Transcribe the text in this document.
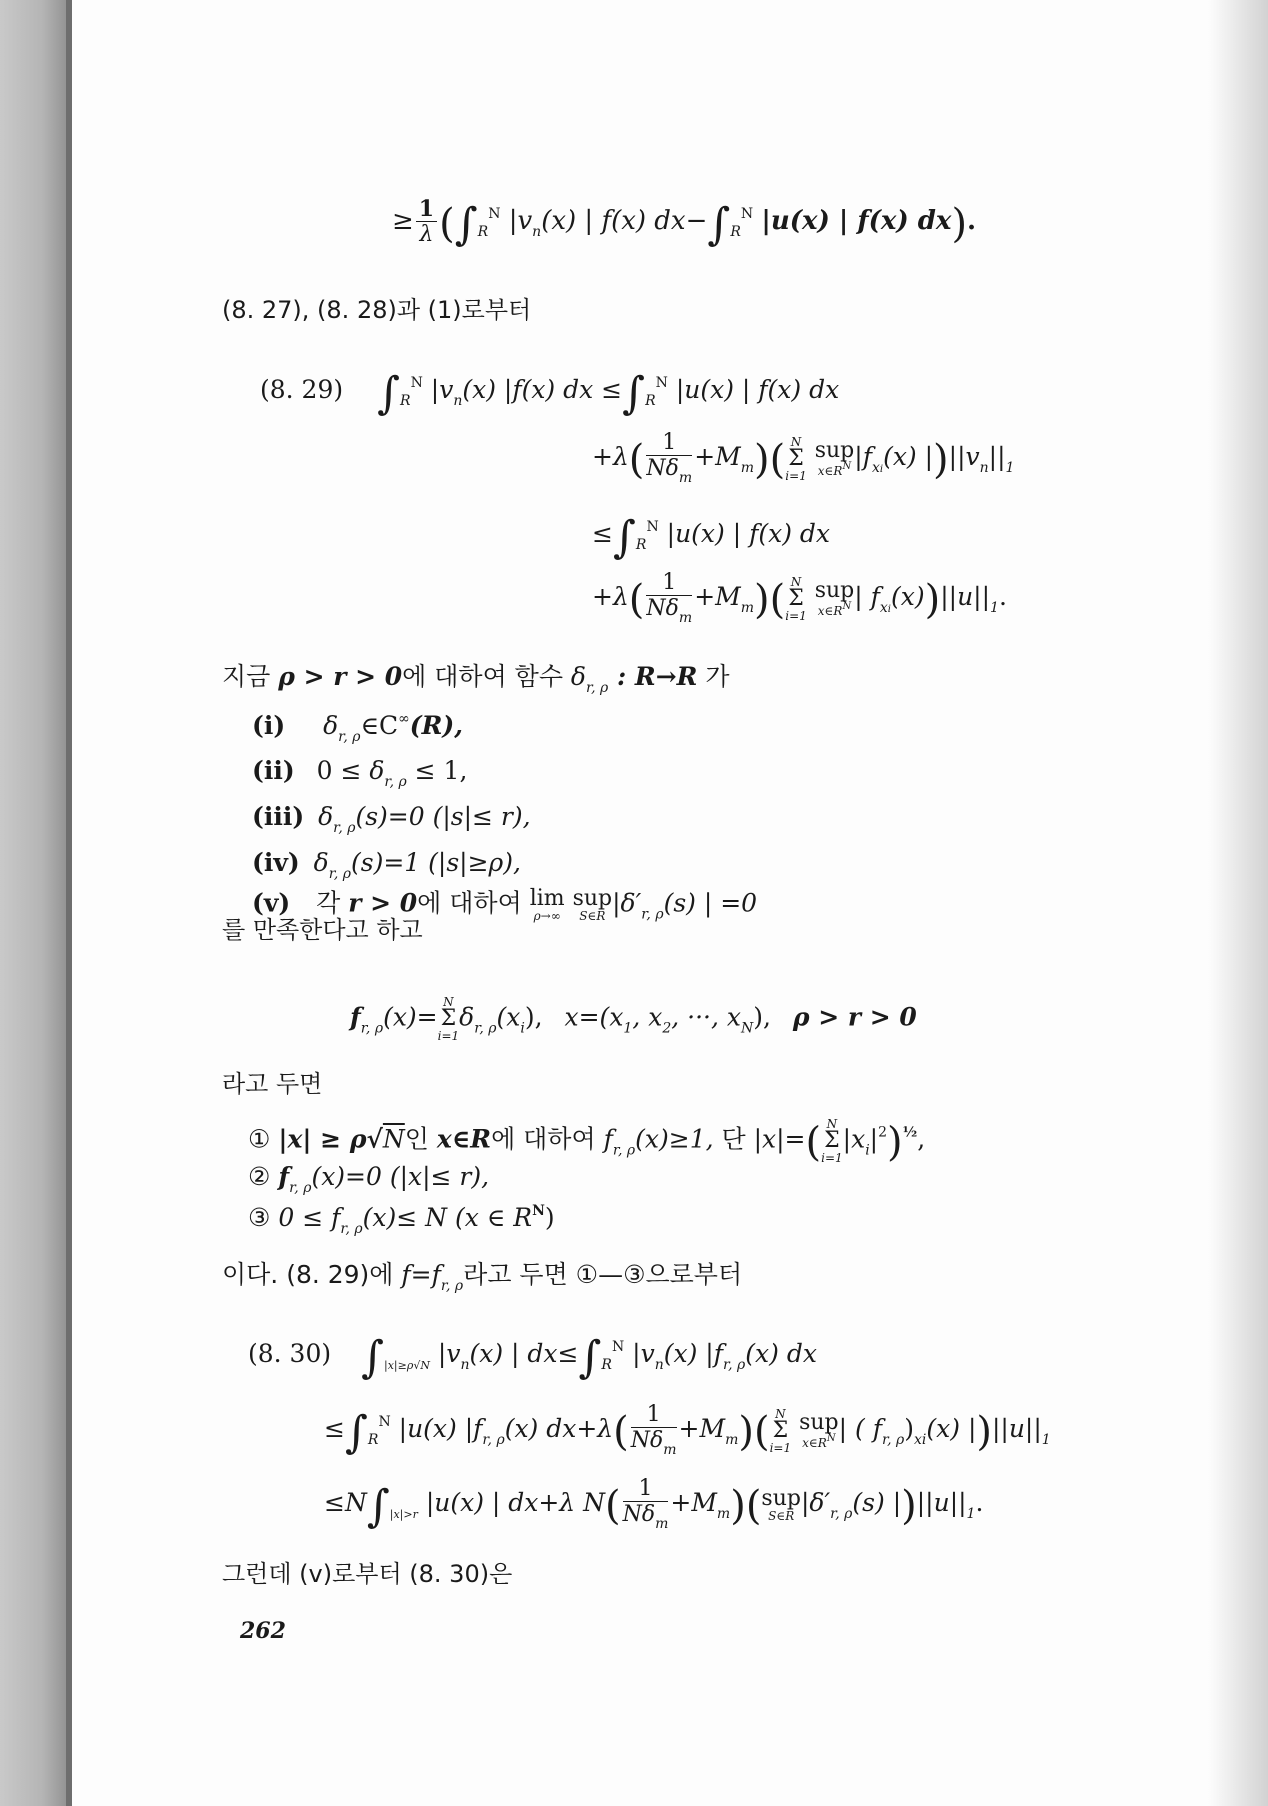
≥ $\frac{1}{\lambda} (\int_R^N$ $|v_n(x)$ | f(x) $dx-\int_R^N$ |u(x) | f(x) dx).
(8. 27), (8. 28)과 (1)로부터
(8. 29) $\int_R^N$ $|v_n(x)$ |f(x) dx $\le\int_R^N$ |u(x) | f(x) dx
$+\lambda( \frac{1}{N\delta_m} +M_m)$( N
Σ
i=1

sup
$x\in R^N$ $|f_{xi}(x)$ $|)||v_n||_1$
$\le\int_R^N$ |u(x) | f(x) dx
$+\lambda( \frac{1}{N\delta_m} +M_m)$( N
Σ
i=1

sup
$x\in R^N$ | $f_{xi}(x))||u||_1$.
지금 ρ > r > 0에 대하여 함수 $\delta_{r, \rho}$ : R→R 가
(i) $\delta_{r, \rho}\in C^\infty(R)$,
(ii) $0 \le \delta_{r, \rho} \le 1$,
(iii) $\delta_{r, \rho}(s)=0$ (|s|≤ r),
(iv) $\delta_{r, \rho}(s)=1$ (|s|≥ρ),
(v) 각 r > 0에 대하여 lim
ρ→∞

sup
S∈R $|\delta'_{r, \rho}(s)$ | =0
를 만족한다고 하고
$f_{r, \rho}(x)=$
N
Σ
i=1
$\delta_{r, \rho}(x_i)$, $x=(x_1$, $x_2$, ···, $x_N$), ρ > r > 0
라고 두면
① |x| ≥ ρ√N인 x∈R에 대하여 $f_{r, \rho}(x)\ge 1$, 단 |x|=( N
Σ
i=1
$|x_i|^2)^{\frac{1}{2}}$,
② $f_{r, \rho}(x)=0$ (|x|≤ r),
③ $0 \le f_{r, \rho}(x)\le N$ (x ∈ $R^N$)
이다. (8. 29)에 $f=f_{r, \rho}$라고 두면 ①—③으로부터
(8. 30) $\int_{|x|\ge\rho√N}$ $|v_n(x)$ | $dx\le\int_R^N$ $|v_n(x)$ $|f_{r, \rho}(x)$ dx
$\le\int_R^N$ |u(x) $|f_{r, \rho}(x)$ $dx+\lambda( \frac{1}{N\delta_m} +M_m)$( N
Σ
i=1

sup
$x\in R^N$ | ( $f_{r, \rho})_{xi}(x)$ $|)||u||_1$
$\le N\int_{|x|>r}$ |u(x) | dx+λ $N( \frac{1}{N\delta_m} +M_m)$( sup
S∈R $|\delta'_{r, \rho}(s)$ $|)||u||_1$.
그런데 (v)로부터 (8. 30)은
262
